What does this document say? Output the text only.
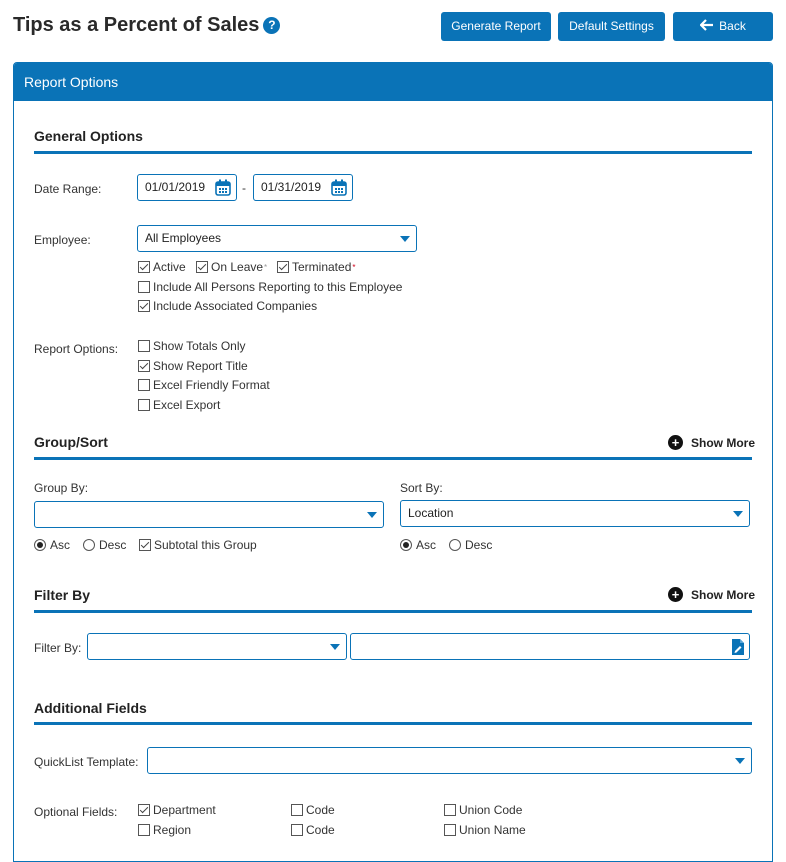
Tips as a Percent of Sales ?	Generate Report	Default Settings	Back
Report Options
General Options
Date Range:	01/01/2019	-	01/31/2019
Employee:	All Employees
Active On Leave * Terminated *
Include All Persons Reporting to this Employee
Include Associated Companies
Report Options:	Show Totals Only
Show Report Title
Excel Friendly Format
Excel Export
Group/Sort	+ Show More
Group By:
Asc Desc Subtotal this Group
Sort By:
Location
Asc Desc
Filter By	+ Show More
Filter By:
Additional Fields
QuickList Template:
Optional Fields:	Department	Code	Union Code
Region	Code	Union Name
